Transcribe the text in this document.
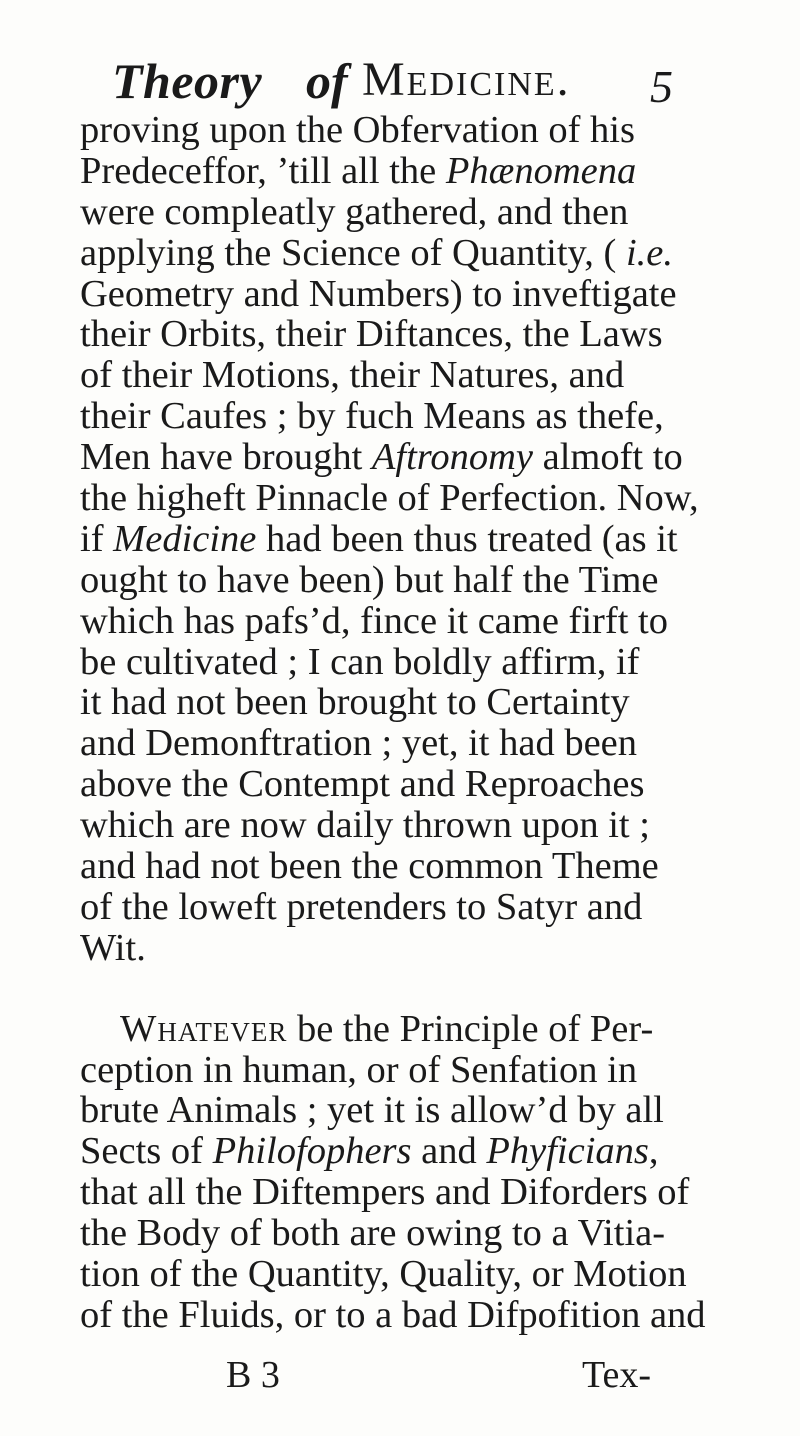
Theory of Medicine. 5
proving upon the Obfervation of his
Predeceffor, ’till all the Phænomena
were compleatly gathered, and then
applying the Science of Quantity, ( i.e.
Geometry and Numbers) to inveftigate
their Orbits, their Diftances, the Laws
of their Motions, their Natures, and
their Caufes ; by fuch Means as thefe,
Men have brought Aftronomy almoft to
the higheft Pinnacle of Perfection. Now,
if Medicine had been thus treated (as it
ought to have been) but half the Time
which has pafs’d, fince it came firft to
be cultivated ; I can boldly affirm, if
it had not been brought to Certainty
and Demonftration ; yet, it had been
above the Contempt and Reproaches
which are now daily thrown upon it ;
and had not been the common Theme
of the loweft pretenders to Satyr and
Wit.
Whatever be the Principle of Per-
ception in human, or of Senfation in
brute Animals ; yet it is allow’d by all
Sects of Philofophers and Phyficians,
that all the Diftempers and Diforders of
the Body of both are owing to a Vitia-
tion of the Quantity, Quality, or Motion
of the Fluids, or to a bad Difpofition and
B 3	Tex-
